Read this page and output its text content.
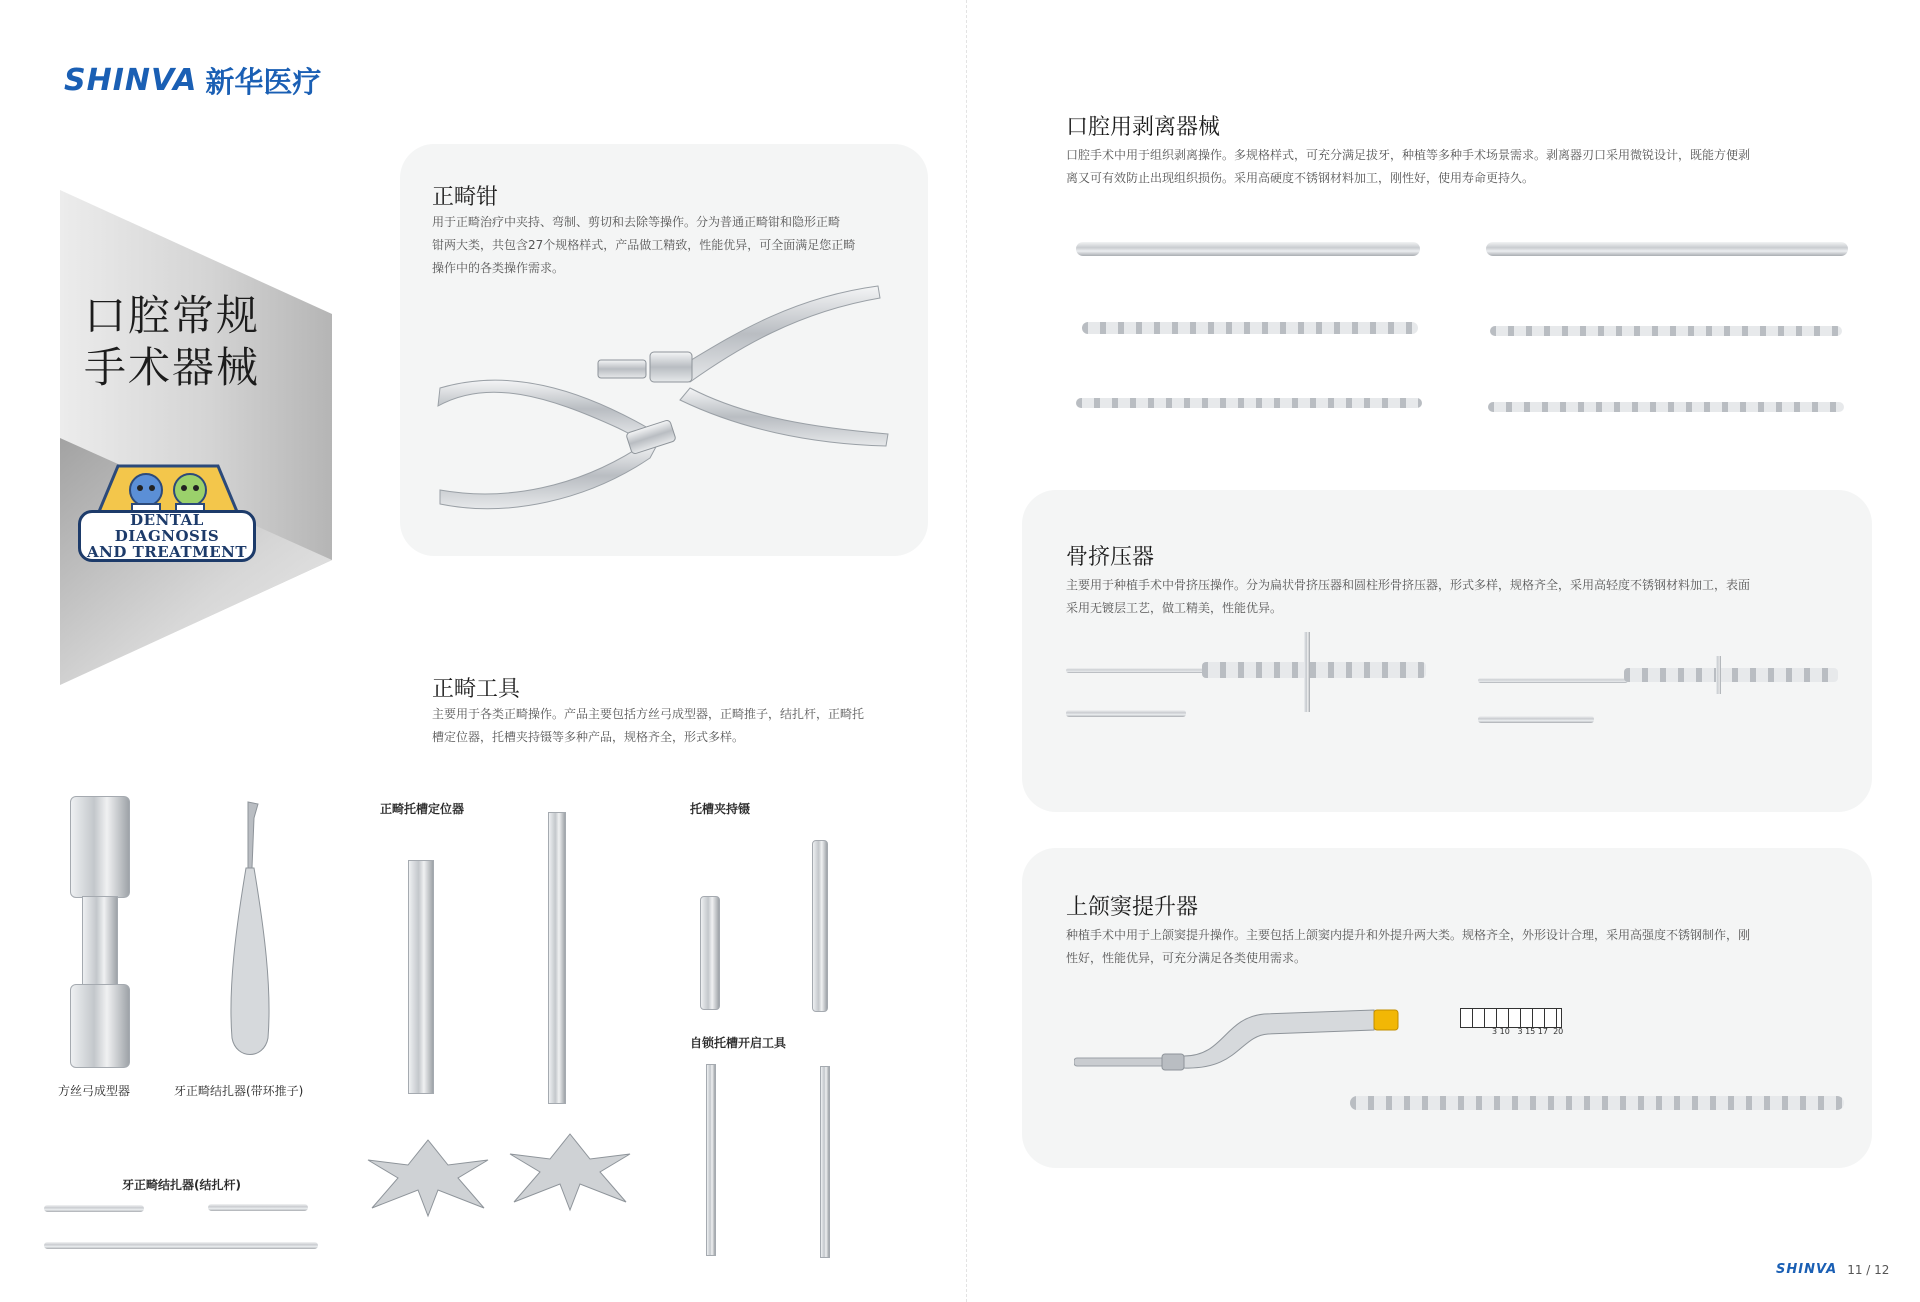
SHINVA 新华医疗
口腔常规
手术器械
DENTAL DIAGNOSIS
AND TREATMENT
正畸钳
用于正畸治疗中夹持、弯制、剪切和去除等操作。分为普通正畸钳和隐形正畸
钳两大类，共包含27个规格样式，产品做工精致，性能优异，可全面满足您正畸
操作中的各类操作需求。
正畸工具
主要用于各类正畸操作。产品主要包括方丝弓成型器，正畸推子，结扎杆，正畸托
槽定位器，托槽夹持镊等多种产品，规格齐全，形式多样。
方丝弓成型器	牙正畸结扎器(带环推子)
正畸托槽定位器
牙正畸结扎器(结扎杆)
托槽夹持镊
自锁托槽开启工具
口腔用剥离器械
口腔手术中用于组织剥离操作。多规格样式，可充分满足拔牙，种植等多种手术场景需求。剥离器刃口采用微锐设计，既能方便剥
离又可有效防止出现组织损伤。采用高硬度不锈钢材料加工，刚性好，使用寿命更持久。
骨挤压器
主要用于种植手术中骨挤压操作。分为扁状骨挤压器和圆柱形骨挤压器，形式多样，规格齐全，采用高轻度不锈钢材料加工，表面
采用无镀层工艺，做工精美，性能优异。
上颌窦提升器
种植手术中用于上颌窦提升操作。主要包括上颌窦内提升和外提升两大类。规格齐全，外形设计合理，采用高强度不锈钢制作，刚
性好，性能优异，可充分满足各类使用需求。
3 10   3 15 17  20
SHINVA 11 / 12
